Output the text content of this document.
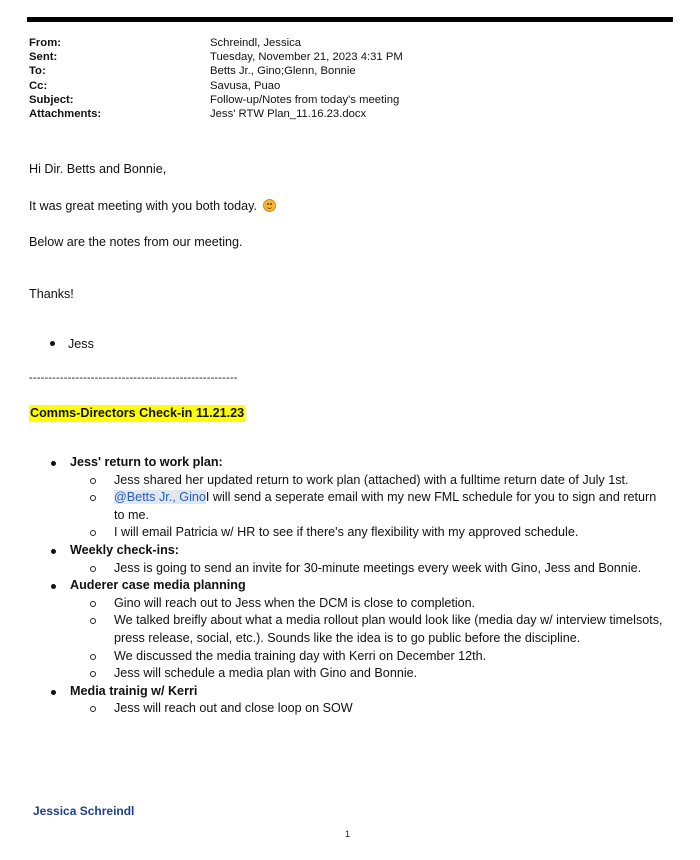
From:	Schreindl, Jessica
Sent:	Tuesday, November 21, 2023 4:31 PM
To:	Betts Jr., Gino;Glenn, Bonnie
Cc:	Savusa, Puao
Subject:	Follow-up/Notes from today's meeting
Attachments:	Jess' RTW Plan_11.16.23.docx
Hi Dir. Betts and Bonnie,
It was great meeting with you both today.
Below are the notes from our meeting.
Thanks!
Jess
------------------------------------------------------
Comms-Directors Check-in 11.21.23
Jess' return to work plan:
Jess shared her updated return to work plan (attached) with a fulltime return date of July 1st.
@Betts Jr., GinoI will send a seperate email with my new FML schedule for you to sign and return to me.
I will email Patricia w/ HR to see if there's any flexibility with my approved schedule.
Weekly check-ins:
Jess is going to send an invite for 30-minute meetings every week with Gino, Jess and Bonnie.
Auderer case media planning
Gino will reach out to Jess when the DCM is close to completion.
We talked breifly about what a media rollout plan would look like (media day w/ interview timelsots, press release, social, etc.). Sounds like the idea is to go public before the discipline.
We discussed the media training day with Kerri on December 12th.
Jess will schedule a media plan with Gino and Bonnie.
Media trainig w/ Kerri
Jess will reach out and close loop on SOW
Jessica Schreindl
1
